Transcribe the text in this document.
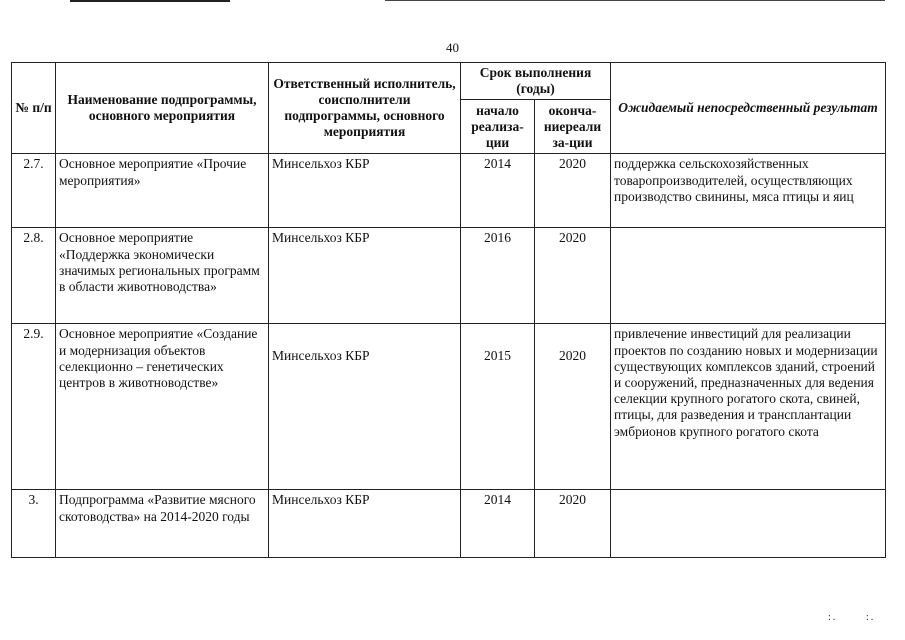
40
№ п/п	Наименование подпрограммы, основного мероприятия	Ответственный исполнитель, соисполнители подпрограммы, основного мероприятия	Срок выполнения (годы)		Ожидаемый непосредственный результат
			начало реализа-ции	оконча-ниереали за-ции	
2.7.	Основное мероприятие «Прочие мероприятия»	Минсельхоз КБР	2014	2020	поддержка сельскохозяйственных товаропроизводителей, осуществляющих производство свинины, мяса птицы и яиц
2.8.	Основное мероприятие «Поддержка экономически значимых региональных программ в области животноводства»	Минсельхоз КБР	2016	2020	
2.9.	Основное мероприятие «Создание и модернизация объектов селекционно – генетических центров в животноводстве»	Минсельхоз КБР	2015	2020	привлечение инвестиций для реализации проектов по созданию новых и модернизации существующих комплексов зданий, строений и сооружений, предназначенных для ведения селекции крупного рогатого скота, свиней, птицы, для разведения и трансплантации эмбрионов крупного рогатого скота
3.	Подпрограмма «Развитие мясного скотоводства» на 2014-2020 годы	Минсельхоз КБР	2014	2020	
:.	:.
